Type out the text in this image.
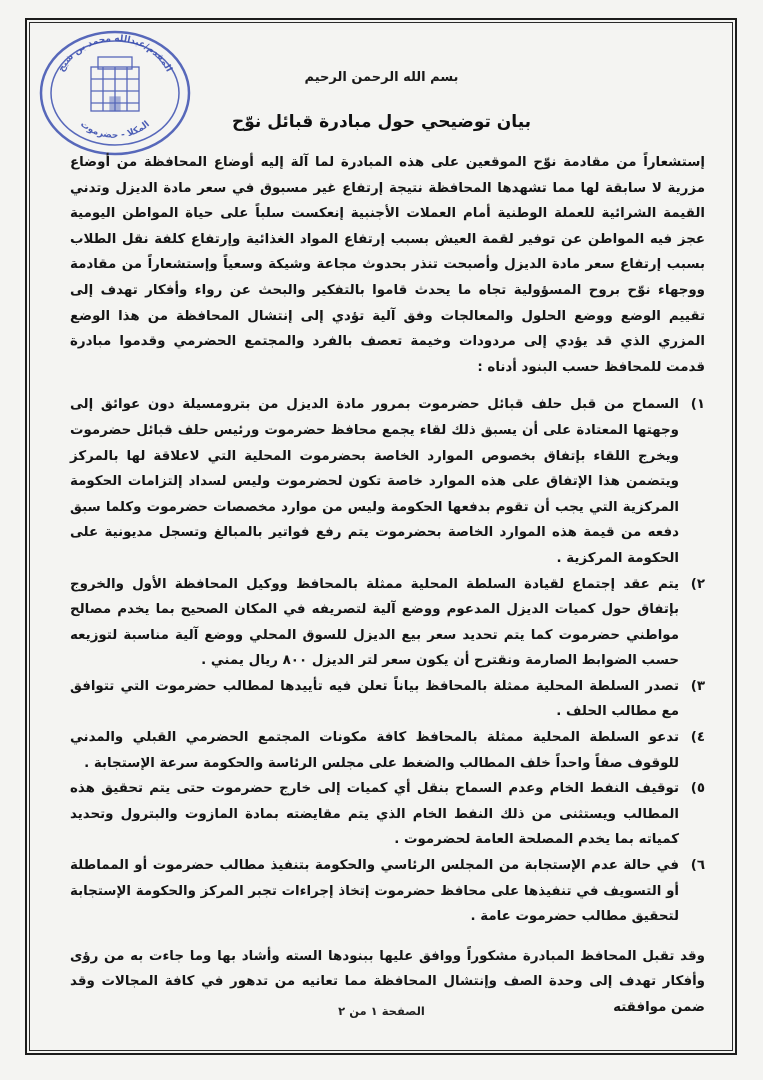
المقدم/عبدالله محمد بن شيخ
المكلا - حضرموت
بسم الله الرحمن الرحيم
بيان توضيحي حول مبادرة قبائل نوّح

إستشعاراً من مقادمة نوّح الموقعين على هذه المبادرة لما آلة إليه أوضاع المحافظة من أوضاع مزرية لا سابقة لها مما تشهدها المحافظة نتيجة إرتفاع غير مسبوق في سعر مادة الديزل وتدني القيمة الشرائية للعملة الوطنية أمام العملات الأجنبية إنعكست سلباً على حياة المواطن اليومية عجز فيه المواطن عن توفير لقمة العيش بسبب إرتفاع المواد الغذائية وإرتفاع كلفة نقل الطلاب بسبب إرتفاع سعر مادة الديزل وأصبحت تنذر بحدوث مجاعة وشيكة وسعياً وإستشعاراً من مقادمة ووجهاء نوّح بروح المسؤولية تجاه ما يحدث قاموا بالتفكير والبحث عن رواء وأفكار تهدف إلى تقييم الوضع ووضع الحلول والمعالجات وفق آلية تؤدي إلى إنتشال المحافظة من هذا الوضع المزري الذي قد يؤدي إلى مردودات وخيمة تعصف بالفرد والمجتمع الحضرمي وقدموا مبادرة قدمت للمحافظ حسب البنود أدناه :

١)
السماح من قبل حلف قبائل حضرموت بمرور مادة الديزل من بترومسيلة دون عوائق إلى وجهتها المعتادة على أن يسبق ذلك لقاء يجمع محافظ حضرموت ورئيس حلف قبائل حضرموت ويخرج اللقاء بإتفاق بخصوص الموارد الخاصة بحضرموت المحلية التي لاعلاقة لها بالمركز ويتضمن هذا الإتفاق على هذه الموارد خاصة تكون لحضرموت وليس لسداد إلتزامات الحكومة المركزية التي يجب أن تقوم بدفعها الحكومة وليس من موارد مخصصات حضرموت وكلما سبق دفعه من قيمة هذه الموارد الخاصة بحضرموت يتم رفع فواتير بالمبالغ وتسجل مديونية على الحكومة المركزية .
٢)
يتم عقد إجتماع لقيادة السلطة المحلية ممثلة بالمحافظ ووكيل المحافظة الأول والخروج بإتفاق حول كميات الديزل المدعوم ووضع آلية لتصريفه في المكان الصحيح بما يخدم مصالح مواطني حضرموت كما يتم تحديد سعر بيع الديزل للسوق المحلي ووضع آلية مناسبة لتوزيعه حسب الضوابط الصارمة ونقترح أن يكون سعر لتر الديزل ٨٠٠ ريال يمني .
٣)
تصدر السلطة المحلية ممثلة بالمحافظ بياناً تعلن فيه تأييدها لمطالب حضرموت التي تتوافق مع مطالب الحلف .
٤)
تدعو السلطة المحلية ممثلة بالمحافظ كافة مكونات المجتمع الحضرمي القبلي والمدني للوقوف صفاً واحداً خلف المطالب والضغط على مجلس الرئاسة والحكومة سرعة الإستجابة .
٥)
توقيف النفط الخام وعدم السماح بنقل أي كميات إلى خارج حضرموت حتى يتم تحقيق هذه المطالب ويستثنى من ذلك النفط الخام الذي يتم مقايضته بمادة المازوت والبترول وتحديد كمياته بما يخدم المصلحة العامة لحضرموت .
٦)
في حالة عدم الإستجابة من المجلس الرئاسي والحكومة بتنفيذ مطالب حضرموت أو المماطلة أو التسويف في تنفيذها على محافظ حضرموت إتخاذ إجراءات تجبر المركز والحكومة الإستجابة لتحقيق مطالب حضرموت عامة .

وقد تقبل المحافظ المبادرة مشكوراً ووافق عليها ببنودها السته وأشاد بها وما جاءت به من رؤى وأفكار تهدف إلى وحدة الصف وإنتشال المحافظة مما تعانيه من تدهور في كافة المجالات وقد ضمن موافقته

الصفحة ١ من ٢
